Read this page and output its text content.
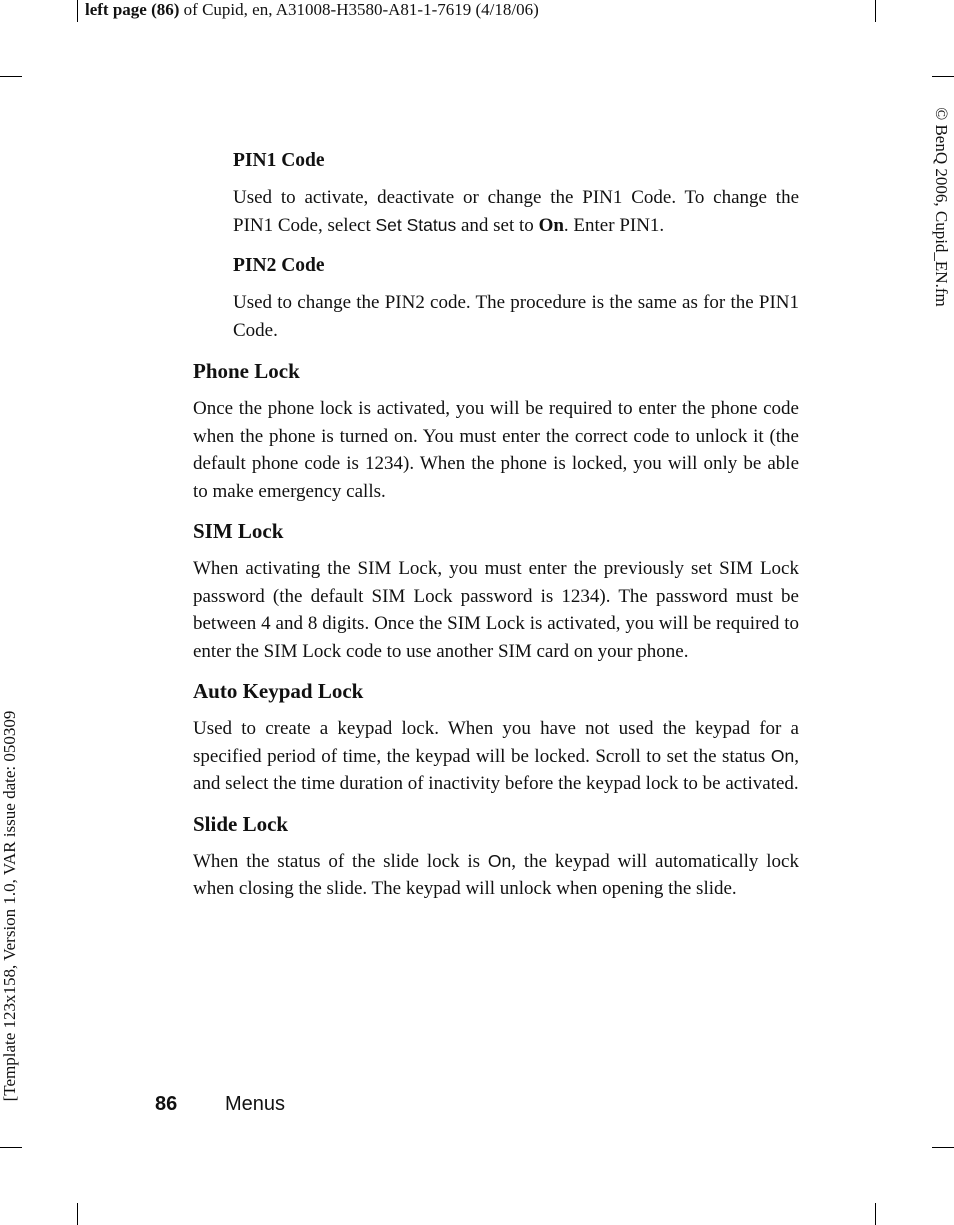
left page (86) of Cupid, en, A31008-H3580-A81-1-7619 (4/18/06)
[Template 123x158, Version 1.0, VAR issue date: 050309
© BenQ 2006, Cupid_EN.fm
PIN1 Code

Used to activate, deactivate or change the PIN1 Code. To change the PIN1 Code, select Set Status and set to On. Enter PIN1.

PIN2 Code

Used to change the PIN2 code. The procedure is the same as for the PIN1 Code.

Phone Lock

Once the phone lock is activated, you will be required to enter the phone code when the phone is turned on. You must enter the correct code to unlock it (the default phone code is 1234). When the phone is locked, you will only be able to make emergency calls.

SIM Lock

When activating the SIM Lock, you must enter the previously set SIM Lock password (the default SIM Lock password is 1234). The password must be between 4 and 8 digits. Once the SIM Lock is activated, you will be required to enter the SIM Lock code to use another SIM card on your phone.

Auto Keypad Lock

Used to create a keypad lock. When you have not used the keypad for a specified period of time, the keypad will be locked. Scroll to set the status On, and select the time duration of inactivity before the keypad lock to be activated.

Slide Lock

When the status of the slide lock is On, the keypad will automatically lock when closing the slide. The keypad will unlock when opening the slide.

86 Menus
